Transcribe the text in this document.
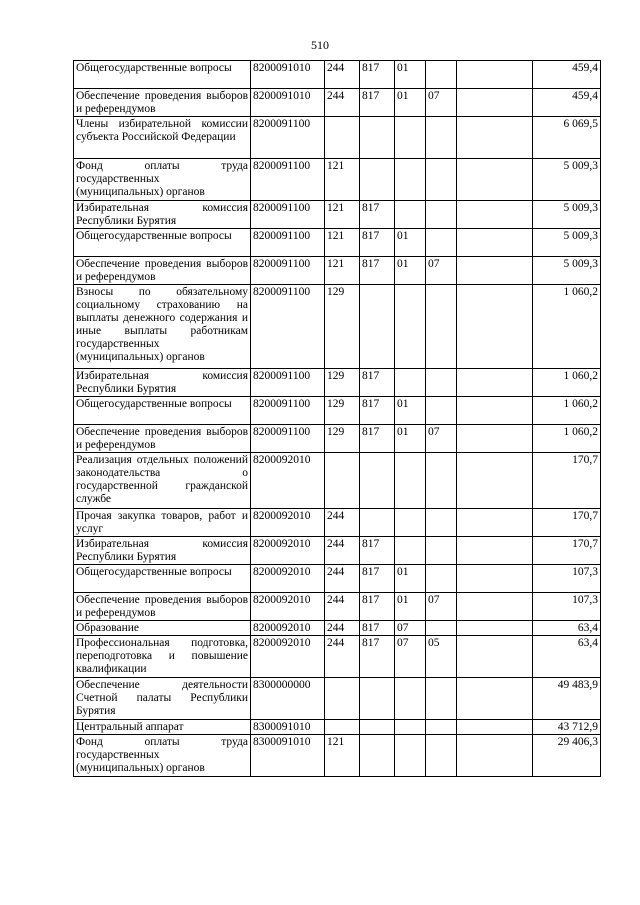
510
Общегосударственные вопросы	8200091010	244	817	01			459,4
Обеспечение проведения выборов и референдумов	8200091010	244	817	01	07		459,4
Члены избирательной комиссии субъекта Российской Федерации	8200091100						6 069,5
Фонд оплаты труда государственных (муниципальных) органов	8200091100	121					5 009,3
Избирательная комиссия Республики Бурятия	8200091100	121	817				5 009,3
Общегосударственные вопросы	8200091100	121	817	01			5 009,3
Обеспечение проведения выборов и референдумов	8200091100	121	817	01	07		5 009,3
Взносы по обязательному социальному страхованию на выплаты денежного содержания и иные выплаты работникам государственных (муниципальных) органов	8200091100	129					1 060,2
Избирательная комиссия Республики Бурятия	8200091100	129	817				1 060,2
Общегосударственные вопросы	8200091100	129	817	01			1 060,2
Обеспечение проведения выборов и референдумов	8200091100	129	817	01	07		1 060,2
Реализация отдельных положений законодательства о государственной гражданской службе	8200092010						170,7
Прочая закупка товаров, работ и услуг	8200092010	244					170,7
Избирательная комиссия Республики Бурятия	8200092010	244	817				170,7
Общегосударственные вопросы	8200092010	244	817	01			107,3
Обеспечение проведения выборов и референдумов	8200092010	244	817	01	07		107,3
Образование	8200092010	244	817	07			63,4
Профессиональная подготовка, переподготовка и повышение квалификации	8200092010	244	817	07	05		63,4
Обеспечение деятельности Счетной палаты Республики Бурятия	8300000000						49 483,9
Центральный аппарат	8300091010						43 712,9
Фонд оплаты труда государственных (муниципальных) органов	8300091010	121					29 406,3
